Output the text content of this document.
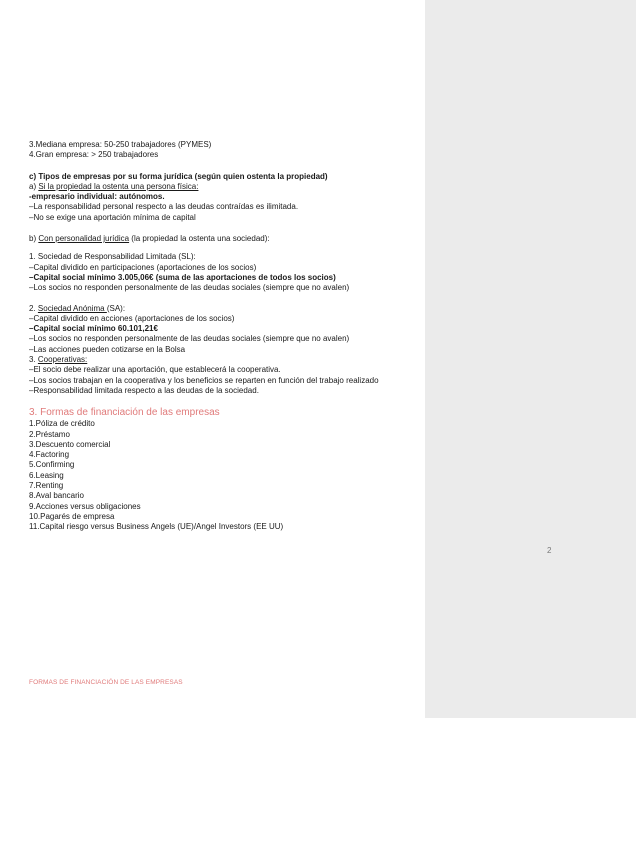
2
3.Mediana empresa: 50-250 trabajadores (PYMES)
4.Gran empresa: > 250 trabajadores
c) Tipos de empresas por su forma jurídica (según quien ostenta la propiedad)
a) Si la propiedad la ostenta una persona física:
-empresario individual: autónomos.
–La responsabilidad personal respecto a las deudas contraídas es ilimitada.
–No se exige una aportación mínima de capital
b) Con personalidad jurídica (la propiedad la ostenta una sociedad):
1. Sociedad de Responsabilidad Limitada (SL):
–Capital dividido en participaciones (aportaciones de los socios)
–Capital social mínimo 3.005,06€ (suma de las aportaciones de todos los socios)
–Los socios no responden personalmente de las deudas sociales (siempre que no avalen)
2. Sociedad Anónima (SA):
–Capital dividido en acciones (aportaciones de los socios)
–Capital social mínimo 60.101,21€
–Los socios no responden personalmente de las deudas sociales (siempre que no avalen)
–Las acciones pueden cotizarse en la Bolsa
3. Cooperativas:
–El socio debe realizar una aportación, que establecerá la cooperativa.
–Los socios trabajan en la cooperativa y los beneficios se reparten en función del trabajo realizado
–Responsabilidad limitada respecto a las deudas de la sociedad.
3. Formas de financiación de las empresas
1.Póliza de crédito
2.Préstamo
3.Descuento comercial
4.Factoring
5.Confirming
6.Leasing
7.Renting
8.Aval bancario
9.Acciones versus obligaciones
10.Pagarés de empresa
11.Capital riesgo versus Business Angels (UE)/Angel Investors (EE UU)
FORMAS DE FINANCIACIÓN DE LAS EMPRESAS
